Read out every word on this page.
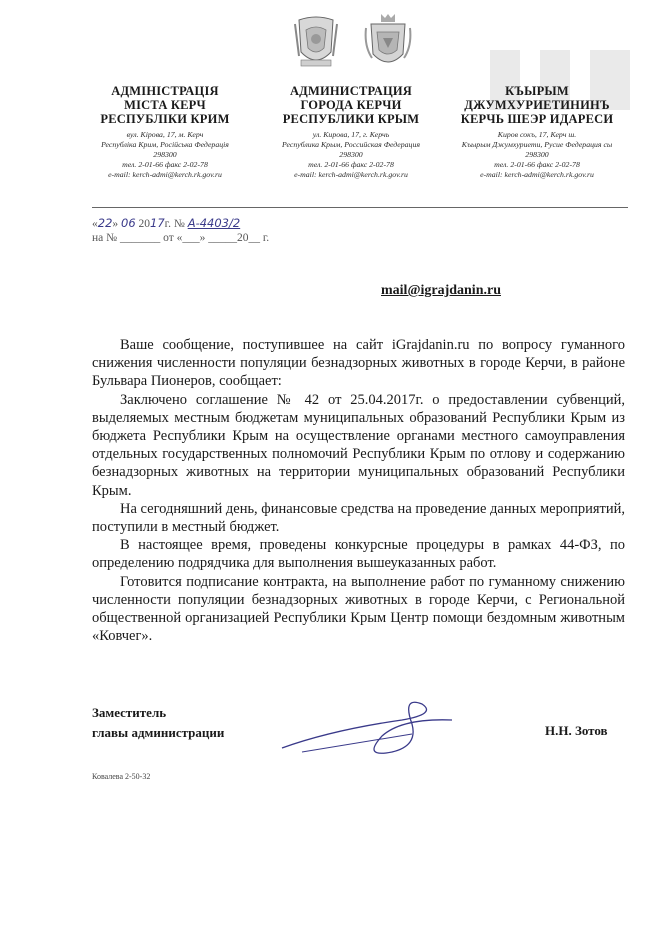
АДМІНІСТРАЦІЯ
МІСТА КЕРЧ
РЕСПУБЛІКИ КРИМ
вул. Кірова, 17, м. Керч
Республіка Крим, Російська Федерація
298300
тел. 2-01-66 факс 2-02-78
e-mail: kerch-admi@kerch.rk.gov.ru
АДМИНИСТРАЦИЯ
ГОРОДА КЕРЧИ
РЕСПУБЛИКИ КРЫМ
ул. Кирова, 17, г. Керчь
Республика Крым, Российская Федерация
298300
тел. 2-01-66 факс 2-02-78
e-mail: kerch-admi@kerch.rk.gov.ru
КЪЫРЫМ
ДЖУМХУРИЕТИНИНЪ
КЕРЧЬ ШЕЭР ИДАРЕСИ
Киров сокъ, 17, Керч ш.
Къырым Джумхуриети, Русие Федерация сы
298300
тел. 2-01-66 факс 2-02-78
e-mail: kerch-admi@kerch.rk.gov.ru
«22» 06 2017г. № А-4403/2
на № _______ от «___» _____20__ г.
mail@igrajdanin.ru

Ваше сообщение, поступившее на сайт iGrajdanin.ru по вопросу гуманного снижения численности популяции безнадзорных животных в городе Керчи, в районе Бульвара Пионеров, сообщает:

Заключено соглашение № 42 от 25.04.2017г. о предоставлении субвенций, выделяемых местным бюджетам муниципальных образований Республики Крым из бюджета Республики Крым на осуществление органами местного самоуправления отдельных государственных полномочий Республики Крым по отлову и содержанию безнадзорных животных на территории муниципальных образований Республики Крым.

На сегодняшний день, финансовые средства на проведение данных мероприятий, поступили в местный бюджет.

В настоящее время, проведены конкурсные процедуры в рамках 44-ФЗ, по определению подрядчика для выполнения вышеуказанных работ.

Готовится подписание контракта, на выполнение работ по гуманному снижению численности популяции безнадзорных животных в городе Керчи, с Региональной общественной организацией Республики Крым Центр помощи бездомным животным «Ковчег».

Заместитель
главы администрации	Н.Н. Зотов
Ковалева 2-50-32
